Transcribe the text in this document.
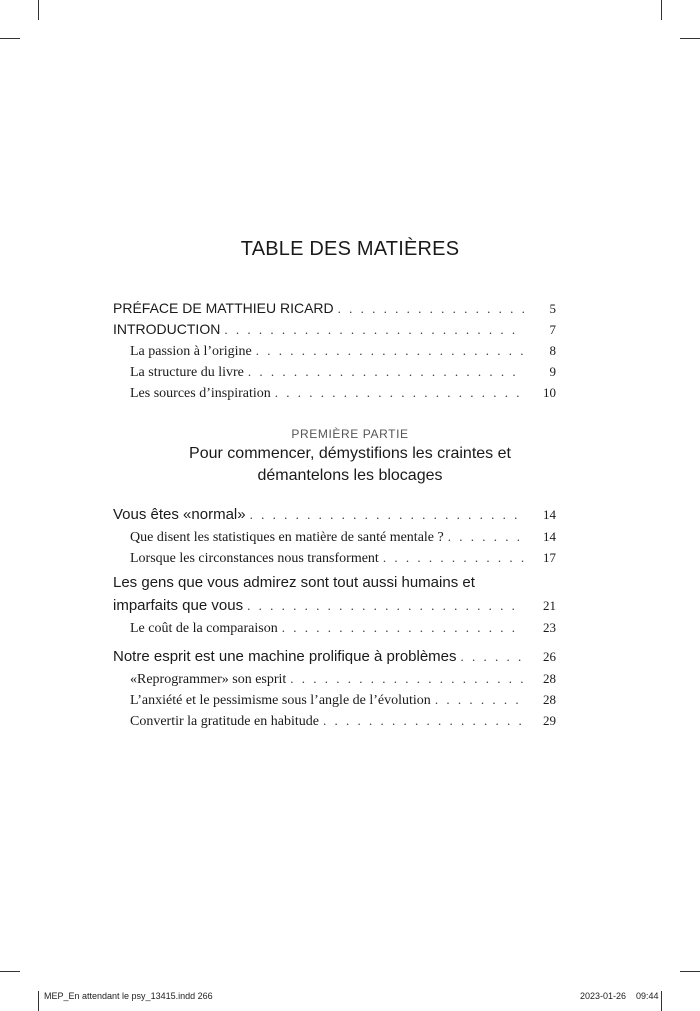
TABLE DES MATIÈRES
PRÉFACE DE MATTHIEU RICARD . . .	5
INTRODUCTION . . .	7
La passion à l’origine . . .	8
La structure du livre . . .	9
Les sources d’inspiration . . .	10
PREMIÈRE PARTIE
Pour commencer, démystifions les craintes et
démantelons les blocages
Vous êtes «normal» . . .	14
Que disent les statistiques en matière de santé mentale ? . . .	14
Lorsque les circonstances nous transforment . . .	17
Les gens que vous admirez sont tout aussi humains et
imparfaits que vous . . .	21
Le coût de la comparaison . . .	23
Notre esprit est une machine prolifique à problèmes . . .	26
«Reprogrammer» son esprit . . .	28
L’anxiété et le pessimisme sous l’angle de l’évolution . . .	28
Convertir la gratitude en habitude . . .	29
MEP_En attendant le psy_13415.indd 266	2023-01-26 09:44
